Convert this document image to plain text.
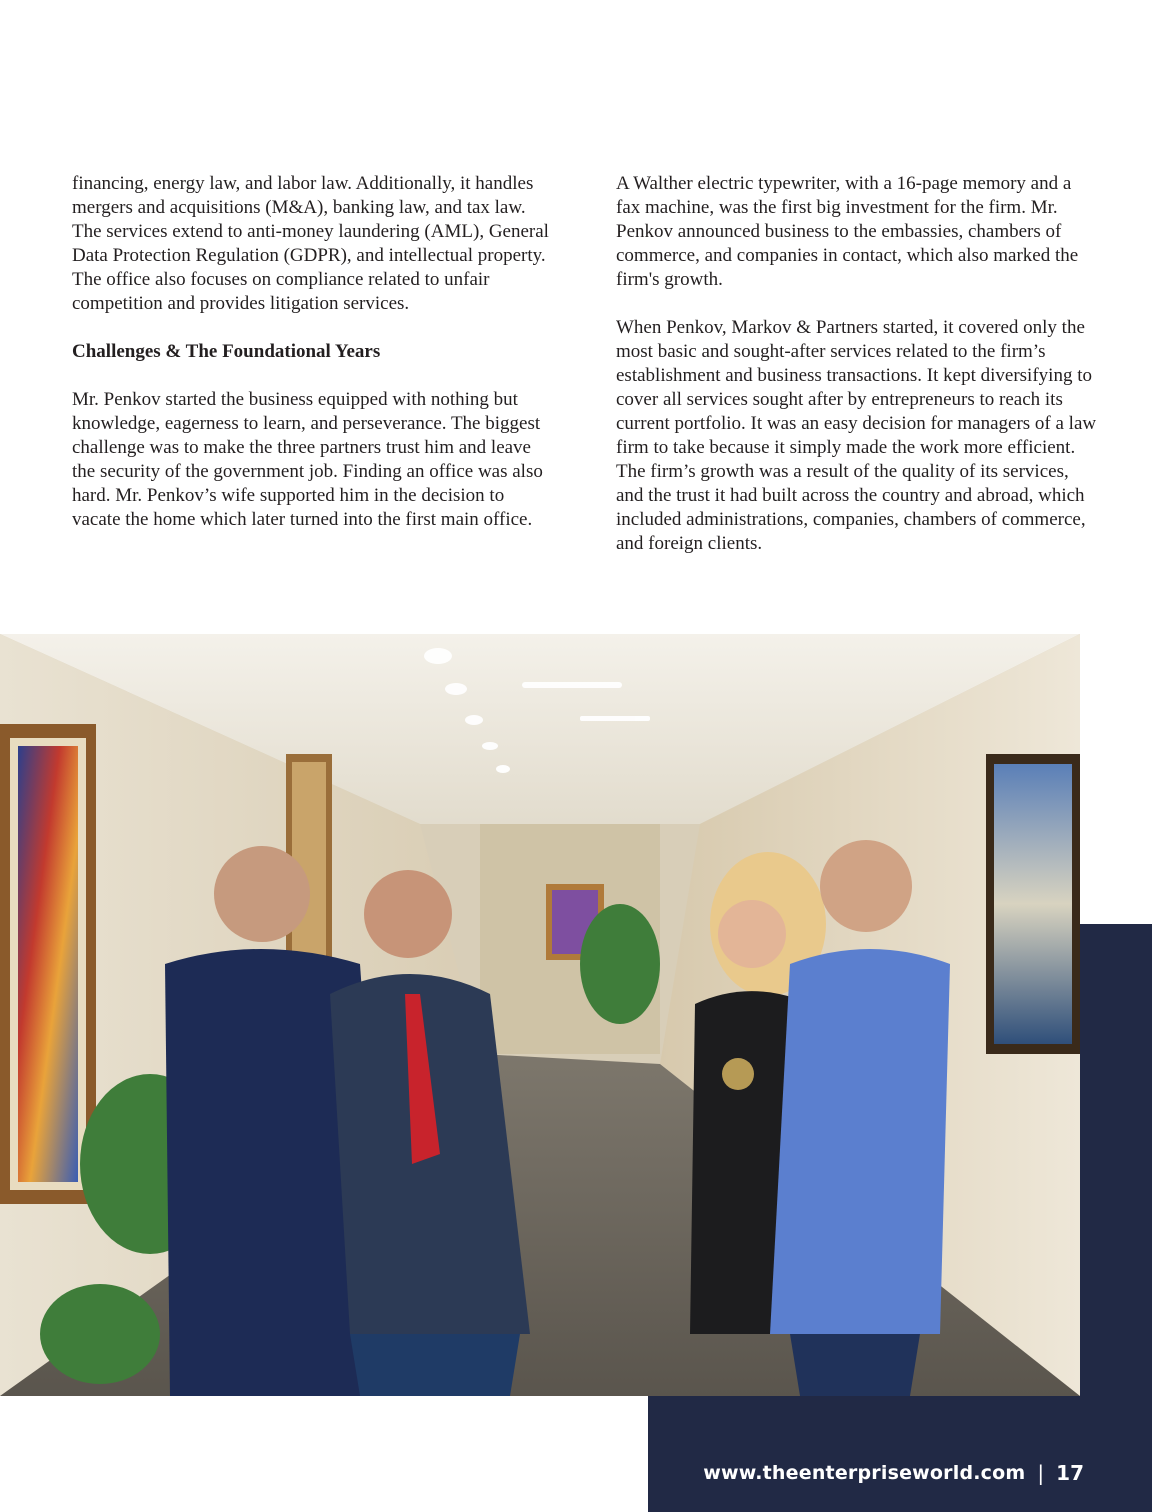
financing, energy law, and labor law. Additionally, it handles mergers and acquisitions (M&A), banking law, and tax law. The services extend to anti-money laundering (AML), General Data Protection Regulation (GDPR), and intellectual property. The office also focuses on compliance related to unfair competition and provides litigation services.

Challenges & The Foundational Years

Mr. Penkov started the business equipped with nothing but knowledge, eagerness to learn, and perseverance. The biggest challenge was to make the three partners trust him and leave the security of the government job. Finding an office was also hard. Mr. Penkov’s wife supported him in the decision to vacate the home which later turned into the first main office.

A Walther electric typewriter, with a 16-page memory and a fax machine, was the first big investment for the firm. Mr. Penkov announced business to the embassies, chambers of commerce, and companies in contact, which also marked the firm's growth.

When Penkov, Markov & Partners started, it covered only the most basic and sought-after services related to the firm’s establishment and business transactions. It kept diversifying to cover all services sought after by entrepreneurs to reach its current portfolio. It was an easy decision for managers of a law firm to take because it simply made the work more efficient. The firm’s growth was a result of the quality of its services, and the trust it had built across the country and abroad, which included administrations, companies, chambers of commerce, and foreign clients.

www.theenterpriseworld.com | 17
